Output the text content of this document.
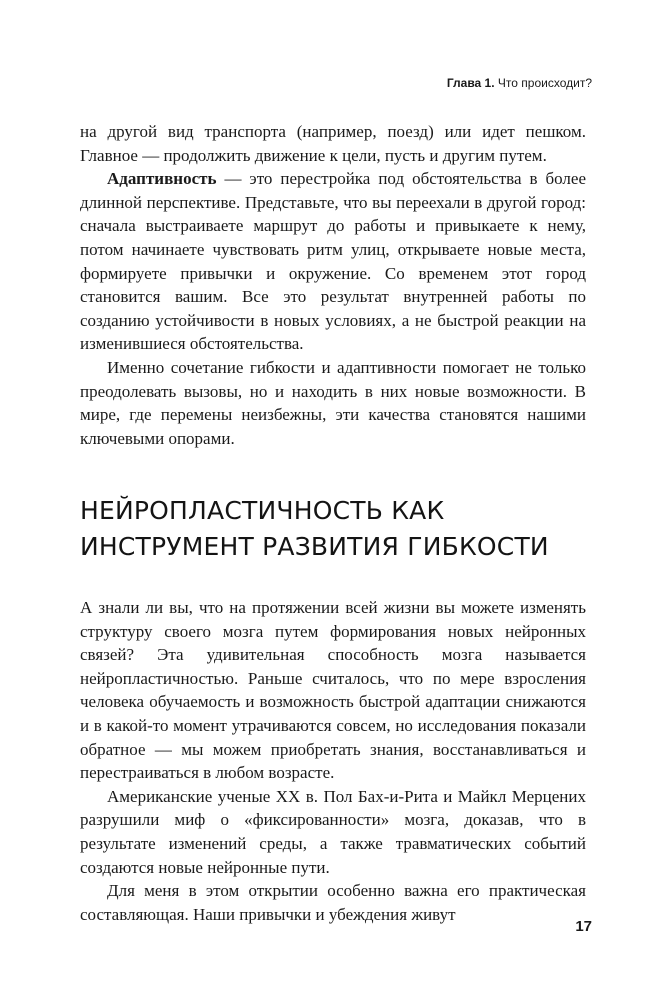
Глава 1. Что происходит?

на другой вид транспорта (например, поезд) или идет пешком. Главное — продолжить движение к цели, пусть и другим путем.

Адаптивность — это перестройка под обстоятельства в более длинной перспективе. Представьте, что вы переехали в другой город: сначала выстраиваете маршрут до работы и привыкаете к нему, потом начинаете чувствовать ритм улиц, открываете новые места, формируете привычки и окружение. Со временем этот город становится вашим. Все это результат внутренней работы по созданию устойчивости в новых условиях, а не быстрой реакции на изменившиеся обстоятельства.

Именно сочетание гибкости и адаптивности помогает не только преодолевать вызовы, но и находить в них новые возможности. В мире, где перемены неизбежны, эти качества становятся нашими ключевыми опорами.

НЕЙРОПЛАСТИЧНОСТЬ КАК
ИНСТРУМЕНТ РАЗВИТИЯ ГИБКОСТИ

А знали ли вы, что на протяжении всей жизни вы можете изменять структуру своего мозга путем формирования новых нейронных связей? Эта удивительная способность мозга называется нейропластичностью. Раньше считалось, что по мере взросления человека обучаемость и возможность быстрой адаптации снижаются и в какой-то момент утрачиваются совсем, но исследования показали обратное — мы можем приобретать знания, восстанавливаться и перестраиваться в любом возрасте.

Американские ученые XX в. Пол Бах-и-Рита и Майкл Мерцених разрушили миф о «фиксированности» мозга, доказав, что в результате изменений среды, а также травматических событий создаются новые нейронные пути.

Для меня в этом открытии особенно важна его практическая составляющая. Наши привычки и убеждения живут

17
